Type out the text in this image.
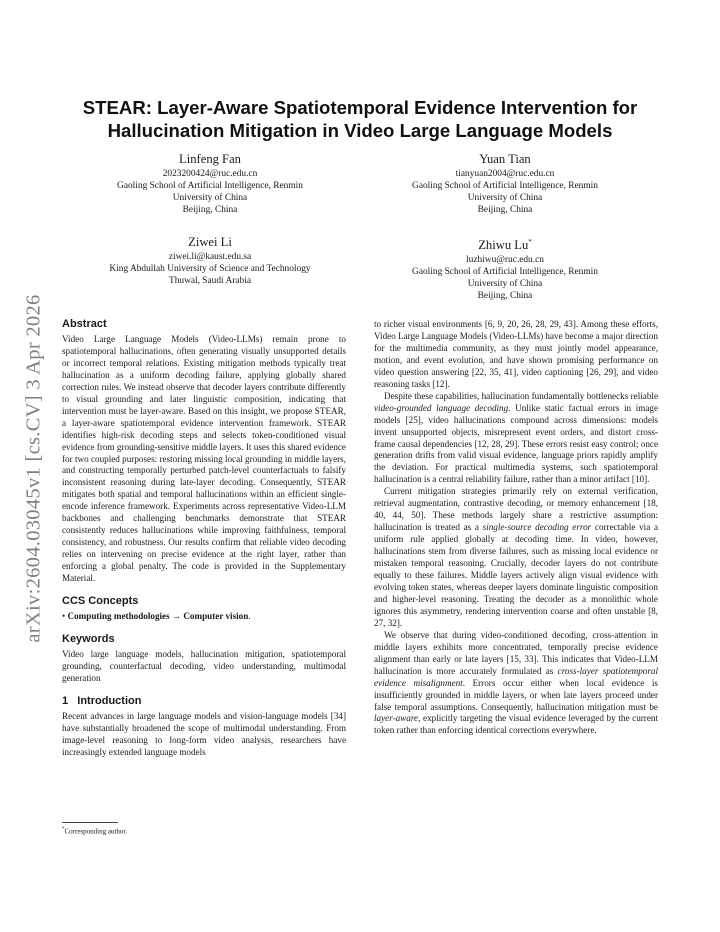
arXiv:2604.03045v1 [cs.CV] 3 Apr 2026
STEAR: Layer-Aware Spatiotemporal Evidence Intervention for
Hallucination Mitigation in Video Large Language Models
Linfeng Fan
2023200424@ruc.edu.cn
Gaoling School of Artificial Intelligence, Renmin
University of China
Beijing, China
Yuan Tian
tianyuan2004@ruc.edu.cn
Gaoling School of Artificial Intelligence, Renmin
University of China
Beijing, China
Ziwei Li
ziwei.li@kaust.edu.sa
King Abdullah University of Science and Technology
Thuwal, Saudi Arabia
Zhiwu Lu*
luzhiwu@ruc.edu.cn
Gaoling School of Artificial Intelligence, Renmin
University of China
Beijing, China
Abstract

Video Large Language Models (Video-LLMs) remain prone to spatiotemporal hallucinations, often generating visually unsupported details or incorrect temporal relations. Existing mitigation methods typically treat hallucination as a uniform decoding failure, applying globally shared correction rules. We instead observe that decoder layers contribute differently to visual grounding and later linguistic composition, indicating that intervention must be layer-aware. Based on this insight, we propose STEAR, a layer-aware spatiotemporal evidence intervention framework. STEAR identifies high-risk decoding steps and selects token-conditioned visual evidence from grounding-sensitive middle layers. It uses this shared evidence for two coupled purposes: restoring missing local grounding in middle layers, and constructing temporally perturbed patch-level counterfactuals to falsify inconsistent reasoning during late-layer decoding. Consequently, STEAR mitigates both spatial and temporal hallucinations within an efficient single-encode inference framework. Experiments across representative Video-LLM backbones and challenging benchmarks demonstrate that STEAR consistently reduces hallucinations while improving faithfulness, temporal consistency, and robustness. Our results confirm that reliable video decoding relies on intervening on precise evidence at the right layer, rather than enforcing a global penalty. The code is provided in the Supplementary Material.

CCS Concepts

• Computing methodologies → Computer vision.

Keywords

Video large language models, hallucination mitigation, spatiotemporal grounding, counterfactual decoding, video understanding, multimodal generation

1   Introduction

Recent advances in large language models and vision-language models [34] have substantially broadened the scope of multimodal understanding. From image-level reasoning to long-form video analysis, researchers have increasingly extended language models

to richer visual environments [6, 9, 20, 26, 28, 29, 43]. Among these efforts, Video Large Language Models (Video-LLMs) have become a major direction for the multimedia community, as they must jointly model appearance, motion, and event evolution, and have shown promising performance on video question answering [22, 35, 41], video captioning [26, 29], and video reasoning tasks [12].

Despite these capabilities, hallucination fundamentally bottlenecks reliable video-grounded language decoding. Unlike static factual errors in image models [25], video hallucinations compound across dimensions: models invent unsupported objects, misrepresent event orders, and distort cross-frame causal dependencies [12, 28, 29]. These errors resist easy control; once generation drifts from valid visual evidence, language priors rapidly amplify the deviation. For practical multimedia systems, such spatiotemporal hallucination is a central reliability failure, rather than a minor artifact [10].

Current mitigation strategies primarily rely on external verification, retrieval augmentation, contrastive decoding, or memory enhancement [18, 40, 44, 50]. These methods largely share a restrictive assumption: hallucination is treated as a single-source decoding error correctable via a uniform rule applied globally at decoding time. In video, however, hallucinations stem from diverse failures, such as missing local evidence or mistaken temporal reasoning. Crucially, decoder layers do not contribute equally to these failures. Middle layers actively align visual evidence with evolving token states, whereas deeper layers dominate linguistic composition and higher-level reasoning. Treating the decoder as a monolithic whole ignores this asymmetry, rendering intervention coarse and often unstable [8, 27, 32].

We observe that during video-conditioned decoding, cross-attention in middle layers exhibits more concentrated, temporally precise evidence alignment than early or late layers [15, 33]. This indicates that Video-LLM hallucination is more accurately formulated as cross-layer spatiotemporal evidence misalignment. Errors occur either when local evidence is insufficiently grounded in middle layers, or when late layers proceed under false temporal assumptions. Consequently, hallucination mitigation must be layer-aware, explicitly targeting the visual evidence leveraged by the current token rather than enforcing identical corrections everywhere.

*Corresponding author.
